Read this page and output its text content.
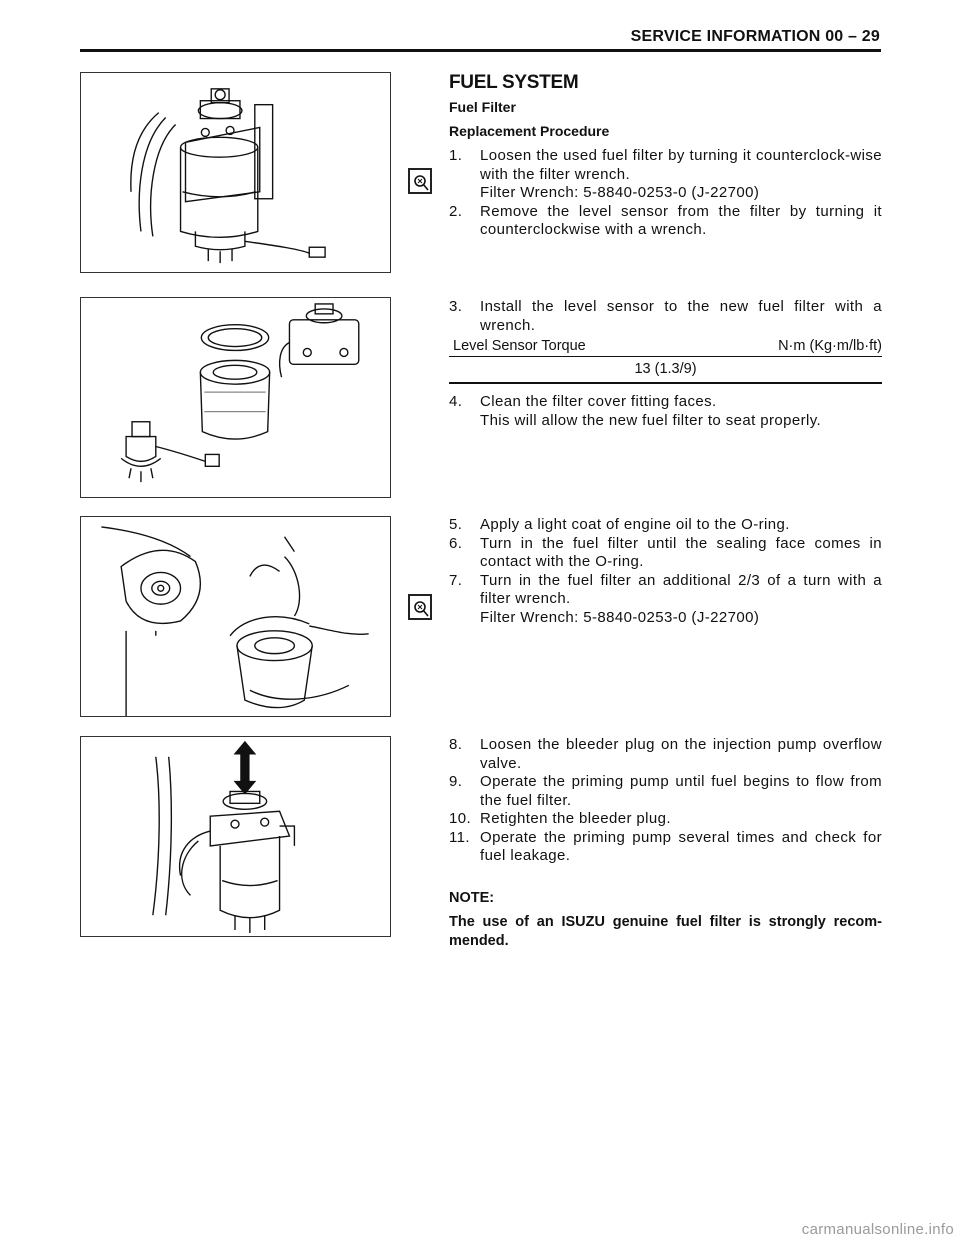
SERVICE INFORMATION 00 – 29
FUEL SYSTEM
Fuel Filter
Replacement Procedure
1.	Loosen the used fuel filter by turning it counterclock-wise with the filter wrench.
Filter Wrench: 5-8840-0253-0 (J-22700)
2.	Remove the level sensor from the filter by turning it counterclockwise with a wrench.
3.	Install the level sensor to the new fuel filter with a wrench.
Level Sensor Torque	N·m (Kg·m/lb·ft)
13 (1.3/9)
4.	Clean the filter cover fitting faces.
This will allow the new fuel filter to seat properly.
5.	Apply a light coat of engine oil to the O-ring.
6.	Turn in the fuel filter until the sealing face comes in contact with the O-ring.
7.	Turn in the fuel filter an additional 2/3 of a turn with a filter wrench.
Filter Wrench: 5-8840-0253-0 (J-22700)
8.	Loosen the bleeder plug on the injection pump overflow valve.
9.	Operate the priming pump until fuel begins to flow from the fuel filter.
10. Retighten the bleeder plug.
11. Operate the priming pump several times and check for fuel leakage.
NOTE:
The use of an ISUZU genuine fuel filter is strongly recom-mended.
carmanualsonline.info
